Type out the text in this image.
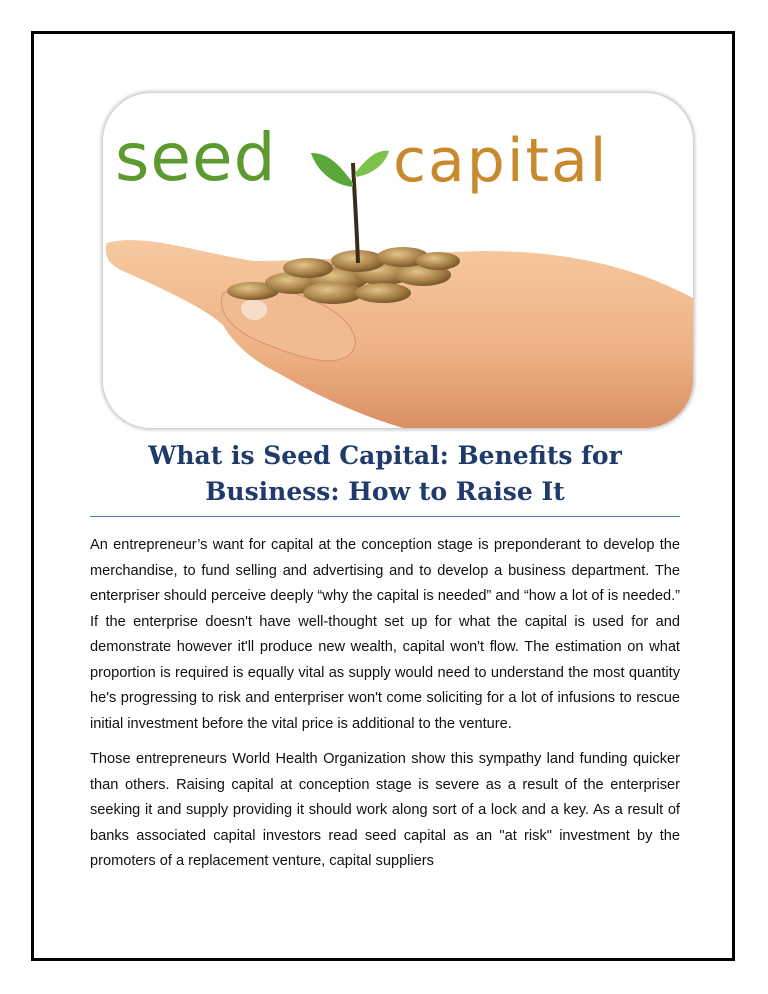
seed capital
What is Seed Capital: Benefits for
Business: How to Raise It

An entrepreneur’s want for capital at the conception stage is preponderant to develop the merchandise, to fund selling and advertising and to develop a business department. The enterpriser should perceive deeply “why the capital is needed” and “how a lot of is needed.” If the enterprise doesn't have well-thought set up for what the capital is used for and demonstrate however it'll produce new wealth, capital won't flow. The estimation on what proportion is required is equally vital as supply would need to understand the most quantity he's progressing to risk and enterpriser won't come soliciting for a lot of infusions to rescue initial investment before the vital price is additional to the venture.

Those entrepreneurs World Health Organization show this sympathy land funding quicker than others. Raising capital at conception stage is severe as a result of the enterpriser seeking it and supply providing it should work along sort of a lock and a key. As a result of banks associated capital investors read seed capital as an "at risk" investment by the promoters of a replacement venture, capital suppliers
